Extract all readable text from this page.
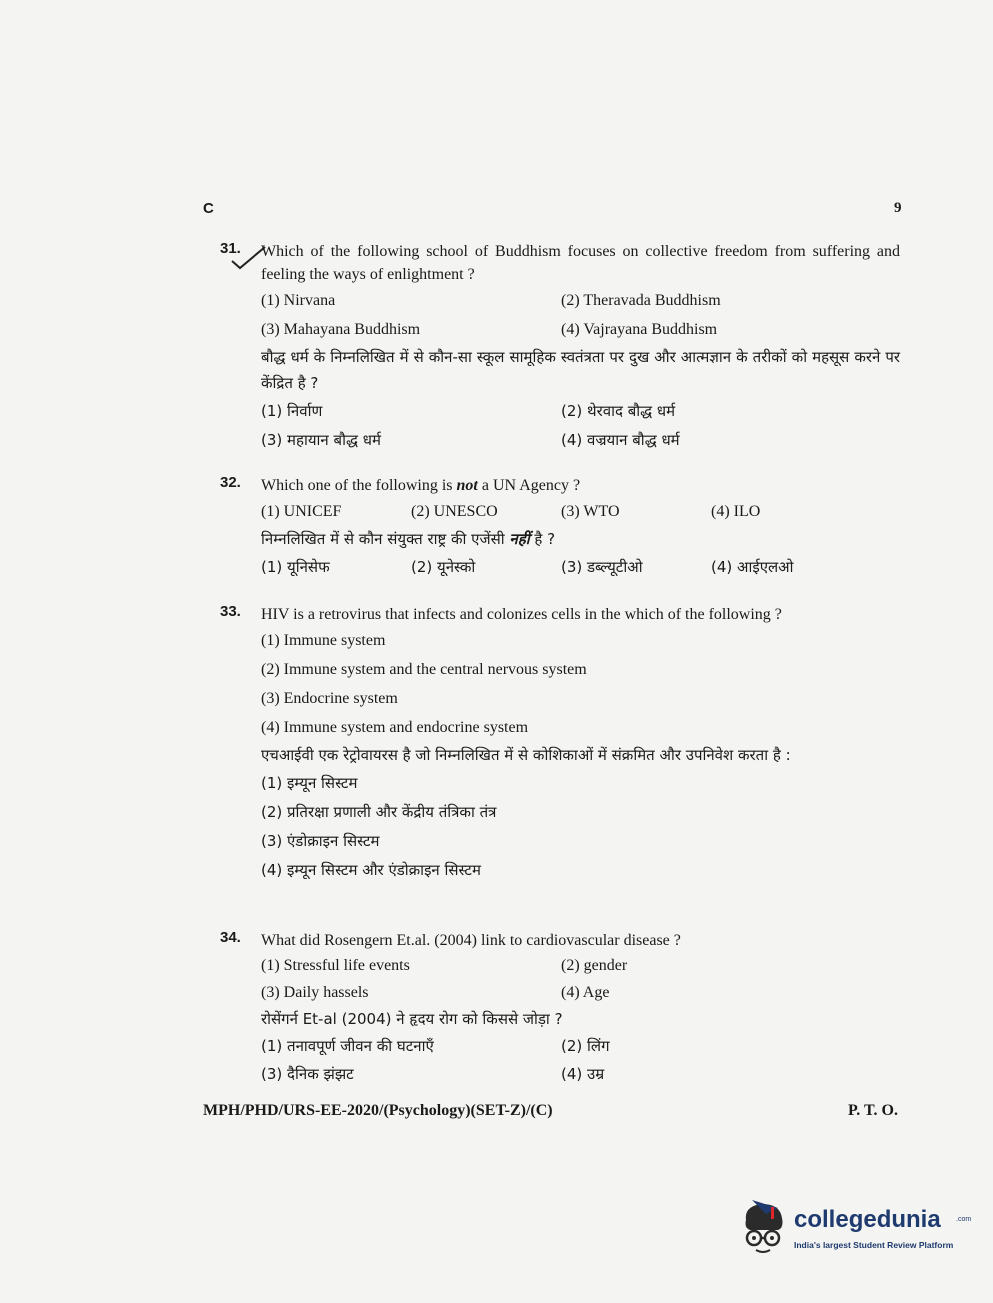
C	9
31. Which of the following school of Buddhism focuses on collective freedom from suffering and feeling the ways of enlightment ?
(1) Nirvana	(2) Theravada Buddhism
(3) Mahayana Buddhism	(4) Vajrayana Buddhism
बौद्ध धर्म के निम्नलिखित में से कौन-सा स्कूल सामूहिक स्वतंत्रता पर दुख और आत्मज्ञान के तरीकों को महसूस करने पर केंद्रित है ?
(1) निर्वाण	(2) थेरवाद बौद्ध धर्म
(3) महायान बौद्ध धर्म	(4) वज्रयान बौद्ध धर्म
32. Which one of the following is not a UN Agency ?
(1) UNICEF	(2) UNESCO	(3) WTO	(4) ILO
निम्नलिखित में से कौन संयुक्त राष्ट्र की एजेंसी नहीं है ?
(1) यूनिसेफ	(2) यूनेस्को	(3) डब्ल्यूटीओ	(4) आईएलओ
33. HIV is a retrovirus that infects and colonizes cells in the which of the following ?
(1) Immune system
(2) Immune system and the central nervous system
(3) Endocrine system
(4) Immune system and endocrine system
एचआईवी एक रेट्रोवायरस है जो निम्नलिखित में से कोशिकाओं में संक्रमित और उपनिवेश करता है :
(1) इम्यून सिस्टम
(2) प्रतिरक्षा प्रणाली और केंद्रीय तंत्रिका तंत्र
(3) एंडोक्राइन सिस्टम
(4) इम्यून सिस्टम और एंडोक्राइन सिस्टम
34. What did Rosengern Et.al. (2004) link to cardiovascular disease ?
(1) Stressful life events	(2) gender
(3) Daily hassels	(4) Age
रोसेंगर्न Et-al (2004) ने हृदय रोग को किससे जोड़ा ?
(1) तनावपूर्ण जीवन की घटनाएँ	(2) लिंग
(3) दैनिक झंझट	(4) उम्र
MPH/PHD/URS-EE-2020/(Psychology)(SET-Z)/(C)	P. T. O.
collegedunia .com
India's largest Student Review Platform
